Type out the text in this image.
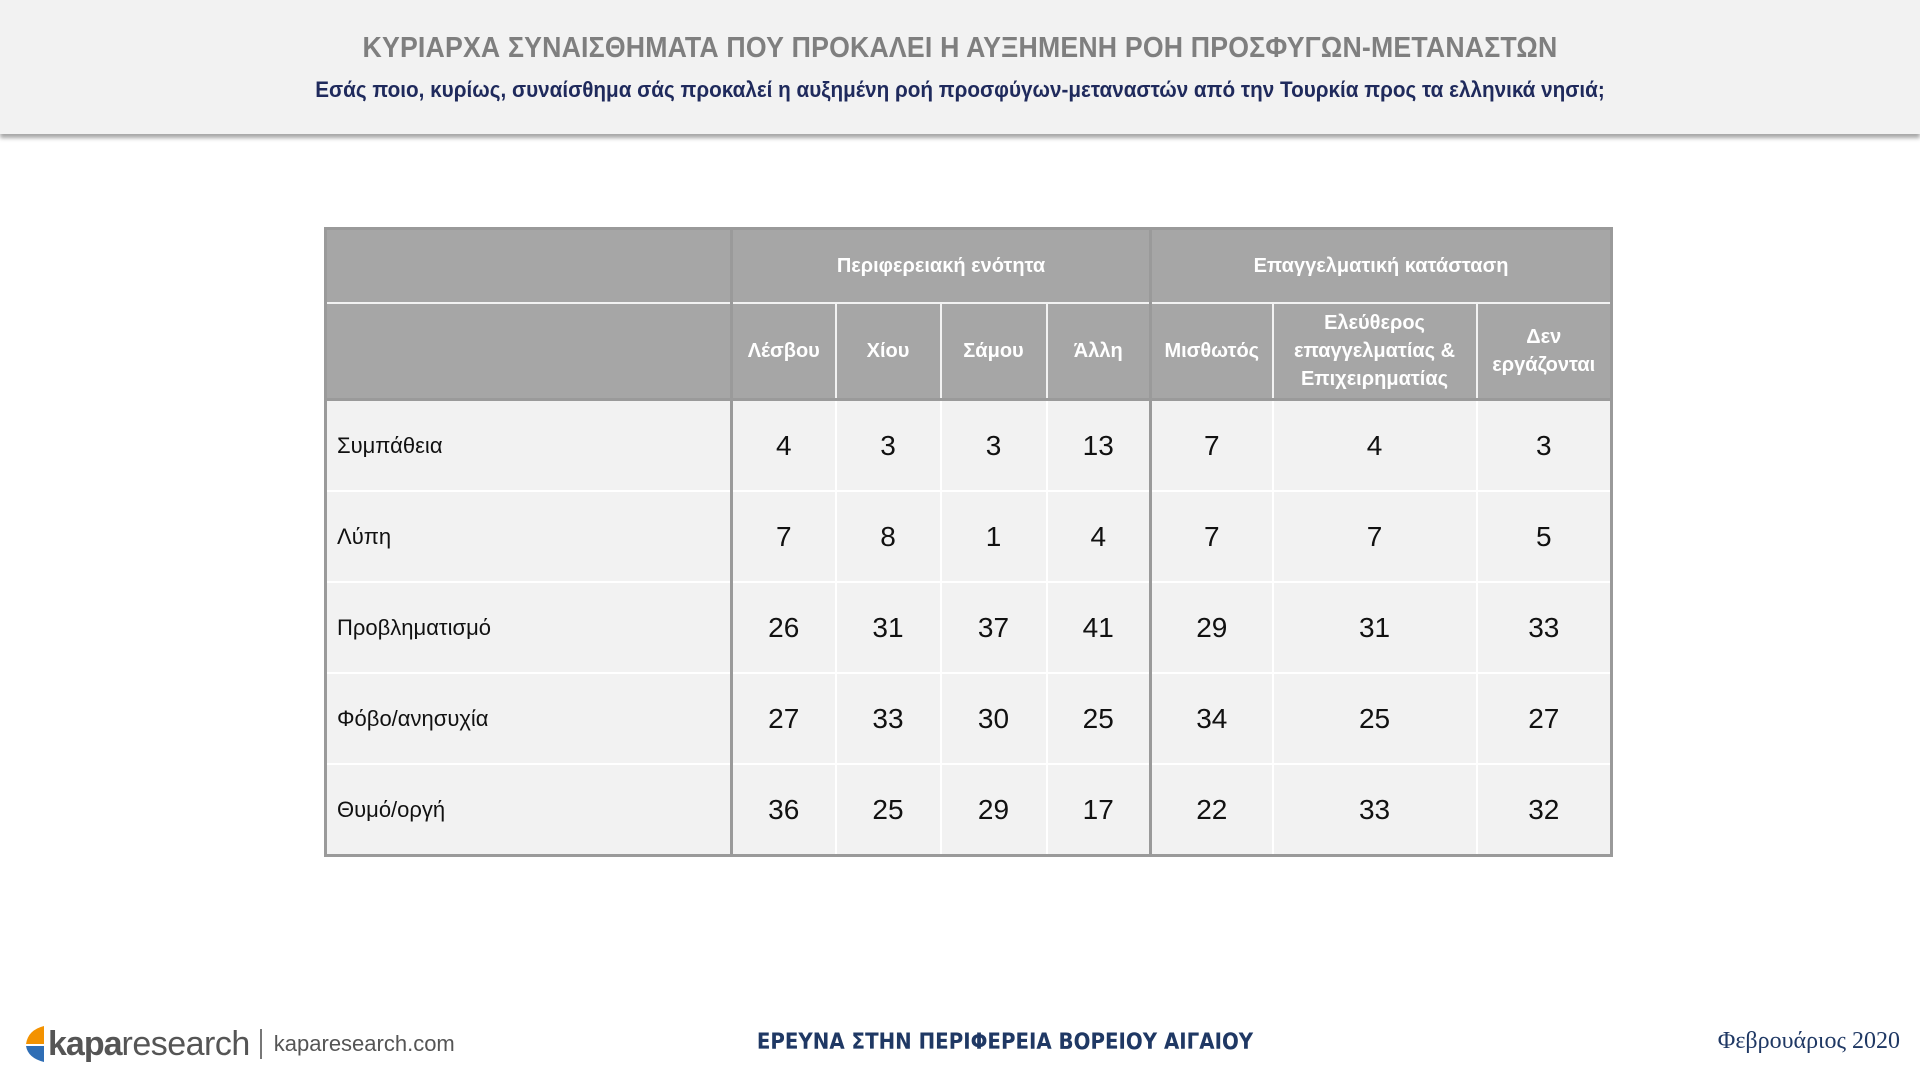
ΚΥΡΙΑΡΧΑ ΣΥΝΑΙΣΘΗΜΑΤΑ ΠΟΥ ΠΡΟΚΑΛΕΙ Η ΑΥΞΗΜΕΝΗ ΡΟΗ ΠΡΟΣΦΥΓΩΝ-ΜΕΤΑΝΑΣΤΩΝ
Εσάς ποιο, κυρίως, συναίσθημα σάς προκαλεί η αυξημένη ροή προσφύγων-μεταναστών από την Τουρκία προς τα ελληνικά νησιά;
	Περιφερειακή ενότητα				Επαγγελματική κατάσταση		
	Λέσβου	Χίου	Σάμου	Άλλη	Μισθωτός	Ελεύθερος επαγγελματίας & Επιχειρηματίας	Δεν εργάζονται
Συμπάθεια	4	3	3	13	7	4	3
Λύπη	7	8	1	4	7	7	5
Προβληματισμό	26	31	37	41	29	31	33
Φόβο/ανησυχία	27	33	30	25	34	25	27
Θυμό/οργή	36	25	29	17	22	33	32
kapa research kaparesearch.com	ΕΡΕΥΝΑ ΣΤΗΝ ΠΕΡΙΦΕΡΕΙΑ ΒΟΡΕΙΟΥ ΑΙΓΑΙΟΥ	Φεβρουάριος 2020
